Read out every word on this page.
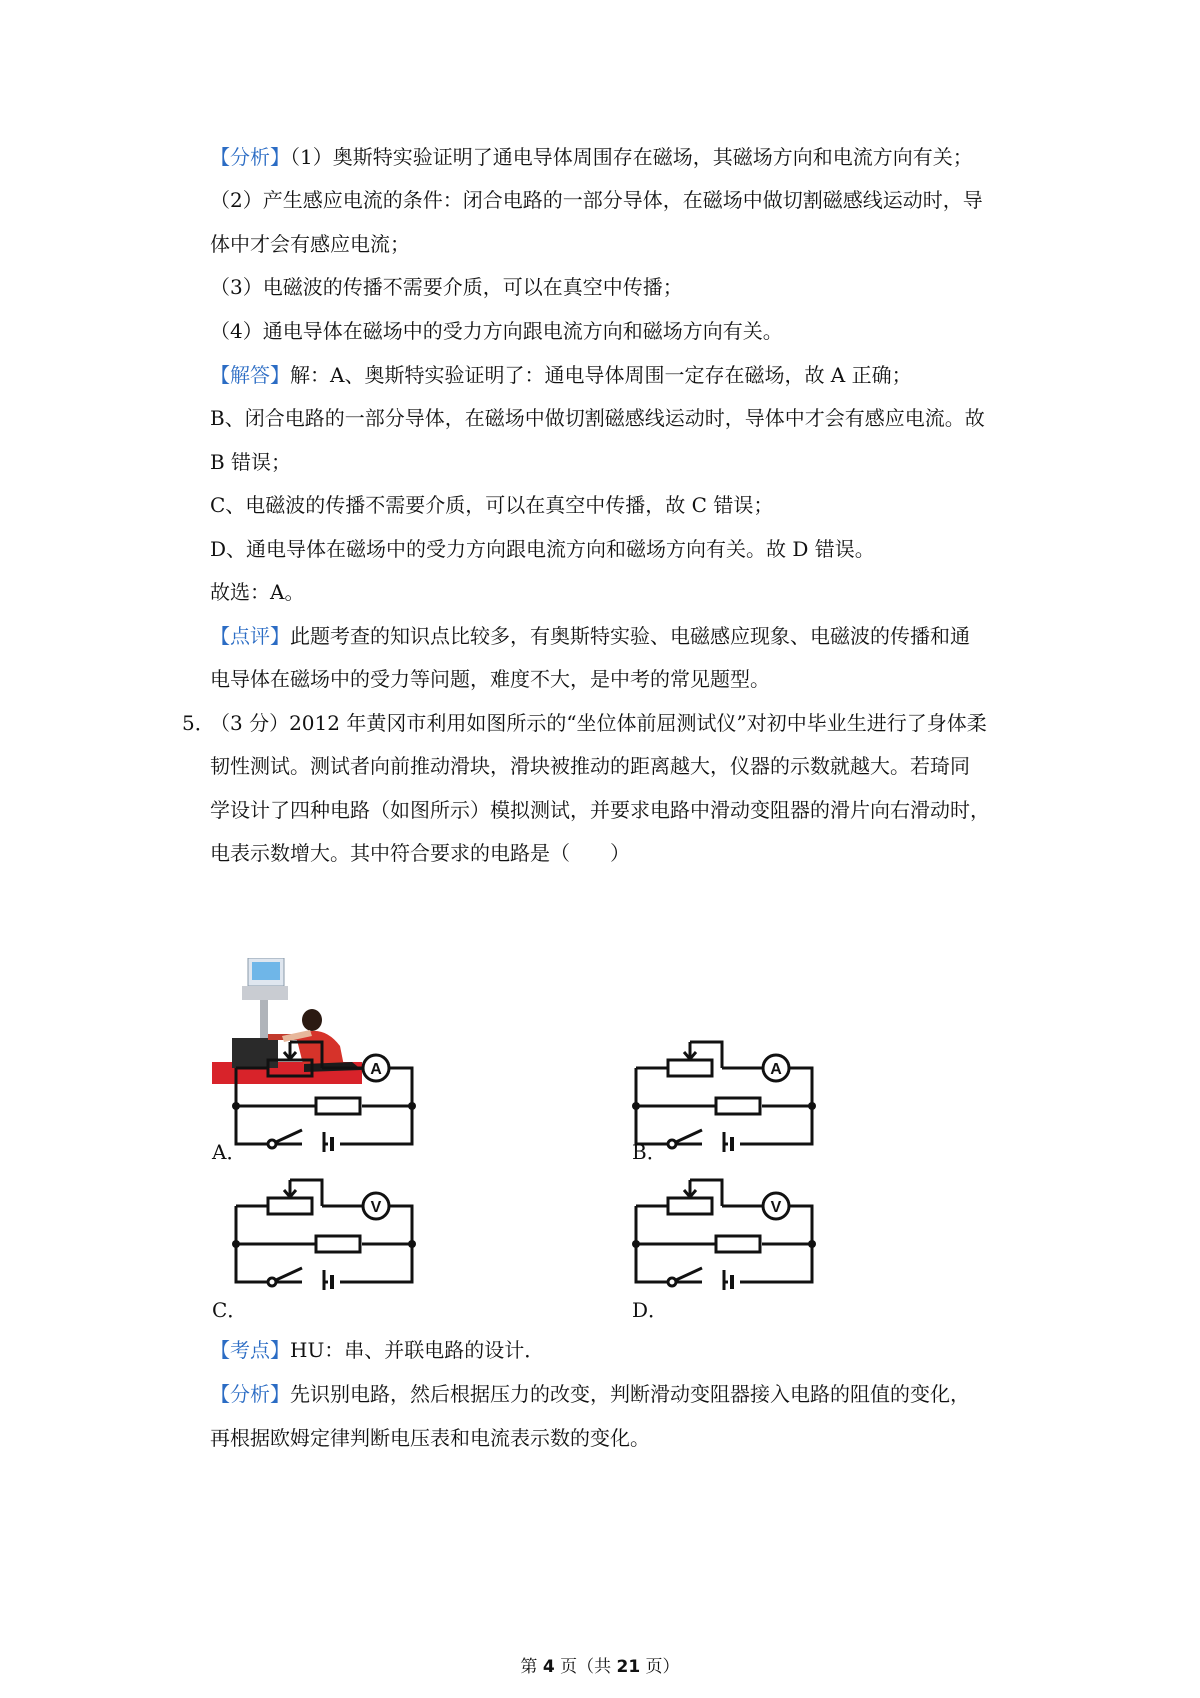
【分析】（1）奥斯特实验证明了通电导体周围存在磁场，其磁场方向和电流方向有关；
（2）产生感应电流的条件：闭合电路的一部分导体，在磁场中做切割磁感线运动时，导
体中才会有感应电流；
（3）电磁波的传播不需要介质，可以在真空中传播；
（4）通电导体在磁场中的受力方向跟电流方向和磁场方向有关。
【解答】解：A、奥斯特实验证明了：通电导体周围一定存在磁场，故 A 正确；
B、闭合电路的一部分导体，在磁场中做切割磁感线运动时，导体中才会有感应电流。故
B 错误；
C、电磁波的传播不需要介质，可以在真空中传播，故 C 错误；
D、通电导体在磁场中的受力方向跟电流方向和磁场方向有关。故 D 错误。
故选：A。
【点评】此题考查的知识点比较多，有奥斯特实验、电磁感应现象、电磁波的传播和通
电导体在磁场中的受力等问题，难度不大，是中考的常见题型。
5．
（3 分）2012 年黄冈市利用如图所示的“坐位体前屈测试仪”对初中毕业生进行了身体柔
韧性测试。测试者向前推动滑块，滑块被推动的距离越大，仪器的示数就越大。若琦同
学设计了四种电路（如图所示）模拟测试，并要求电路中滑动变阻器的滑片向右滑动时，
电表示数增大。其中符合要求的电路是（　　）
A
A．
A
B．
V
C．
V
D．
【考点】HU：串、并联电路的设计．
【分析】先识别电路，然后根据压力的改变，判断滑动变阻器接入电路的阻值的变化，
再根据欧姆定律判断电压表和电流表示数的变化。
第 4 页（共 21 页）
